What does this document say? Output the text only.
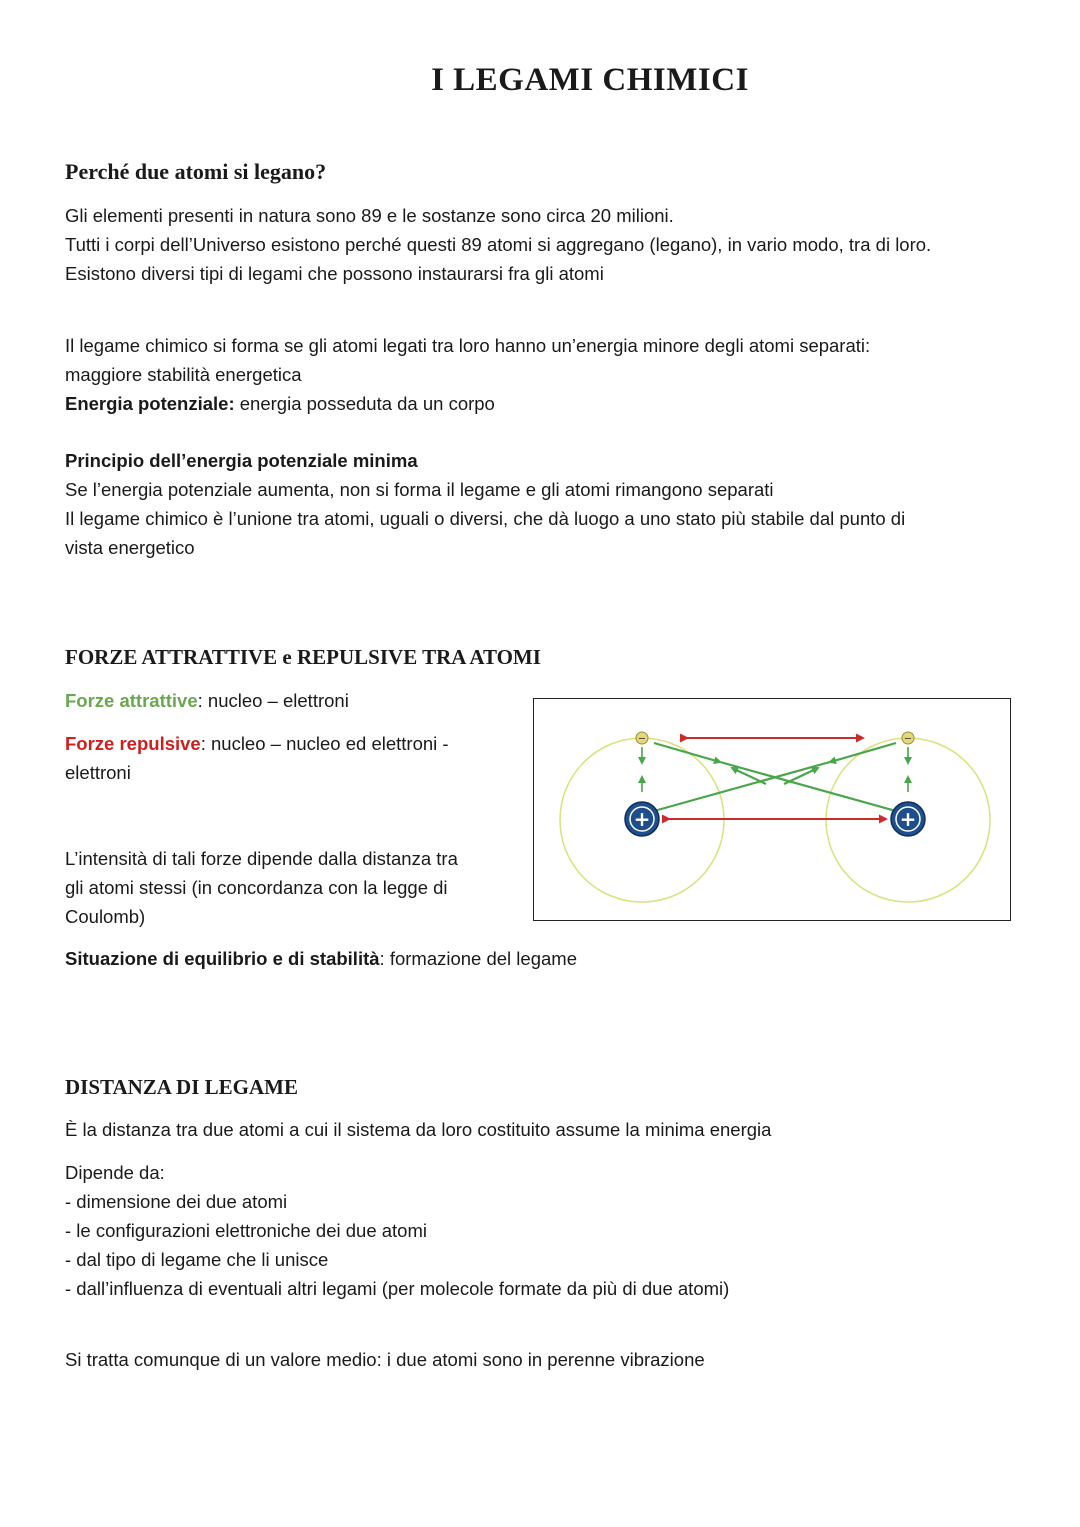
I LEGAMI CHIMICI
Perché due atomi si legano?
Gli elementi presenti in natura sono 89 e le sostanze sono circa 20 milioni.
Tutti i corpi dell’Universo esistono perché questi 89 atomi si aggregano (legano), in vario modo, tra di loro.
Esistono diversi tipi di legami che possono instaurarsi fra gli atomi
Il legame chimico si forma se gli atomi legati tra loro hanno un’energia minore degli atomi separati:
maggiore stabilità energetica
Energia potenziale: energia posseduta da un corpo
Principio dell’energia potenziale minima
Se l’energia potenziale aumenta, non si forma il legame e gli atomi rimangono separati
Il legame chimico è l’unione tra atomi, uguali o diversi, che dà luogo a uno stato più stabile dal punto di
vista energetico
FORZE ATTRATTIVE e REPULSIVE TRA ATOMI
Forze attrattive: nucleo – elettroni
Forze repulsive: nucleo – nucleo ed elettroni -
elettroni
L’intensità di tali forze dipende dalla distanza tra
gli atomi stessi (in concordanza con la legge di
Coulomb)
Situazione di equilibrio e di stabilità: formazione del legame
−	−
+	+
DISTANZA DI LEGAME
È la distanza tra due atomi a cui il sistema da loro costituito assume la minima energia
Dipende da:
- dimensione dei due atomi
- le configurazioni elettroniche dei due atomi
- dal tipo di legame che li unisce
- dall’influenza di eventuali altri legami (per molecole formate da più di due atomi)
Si tratta comunque di un valore medio: i due atomi sono in perenne vibrazione
